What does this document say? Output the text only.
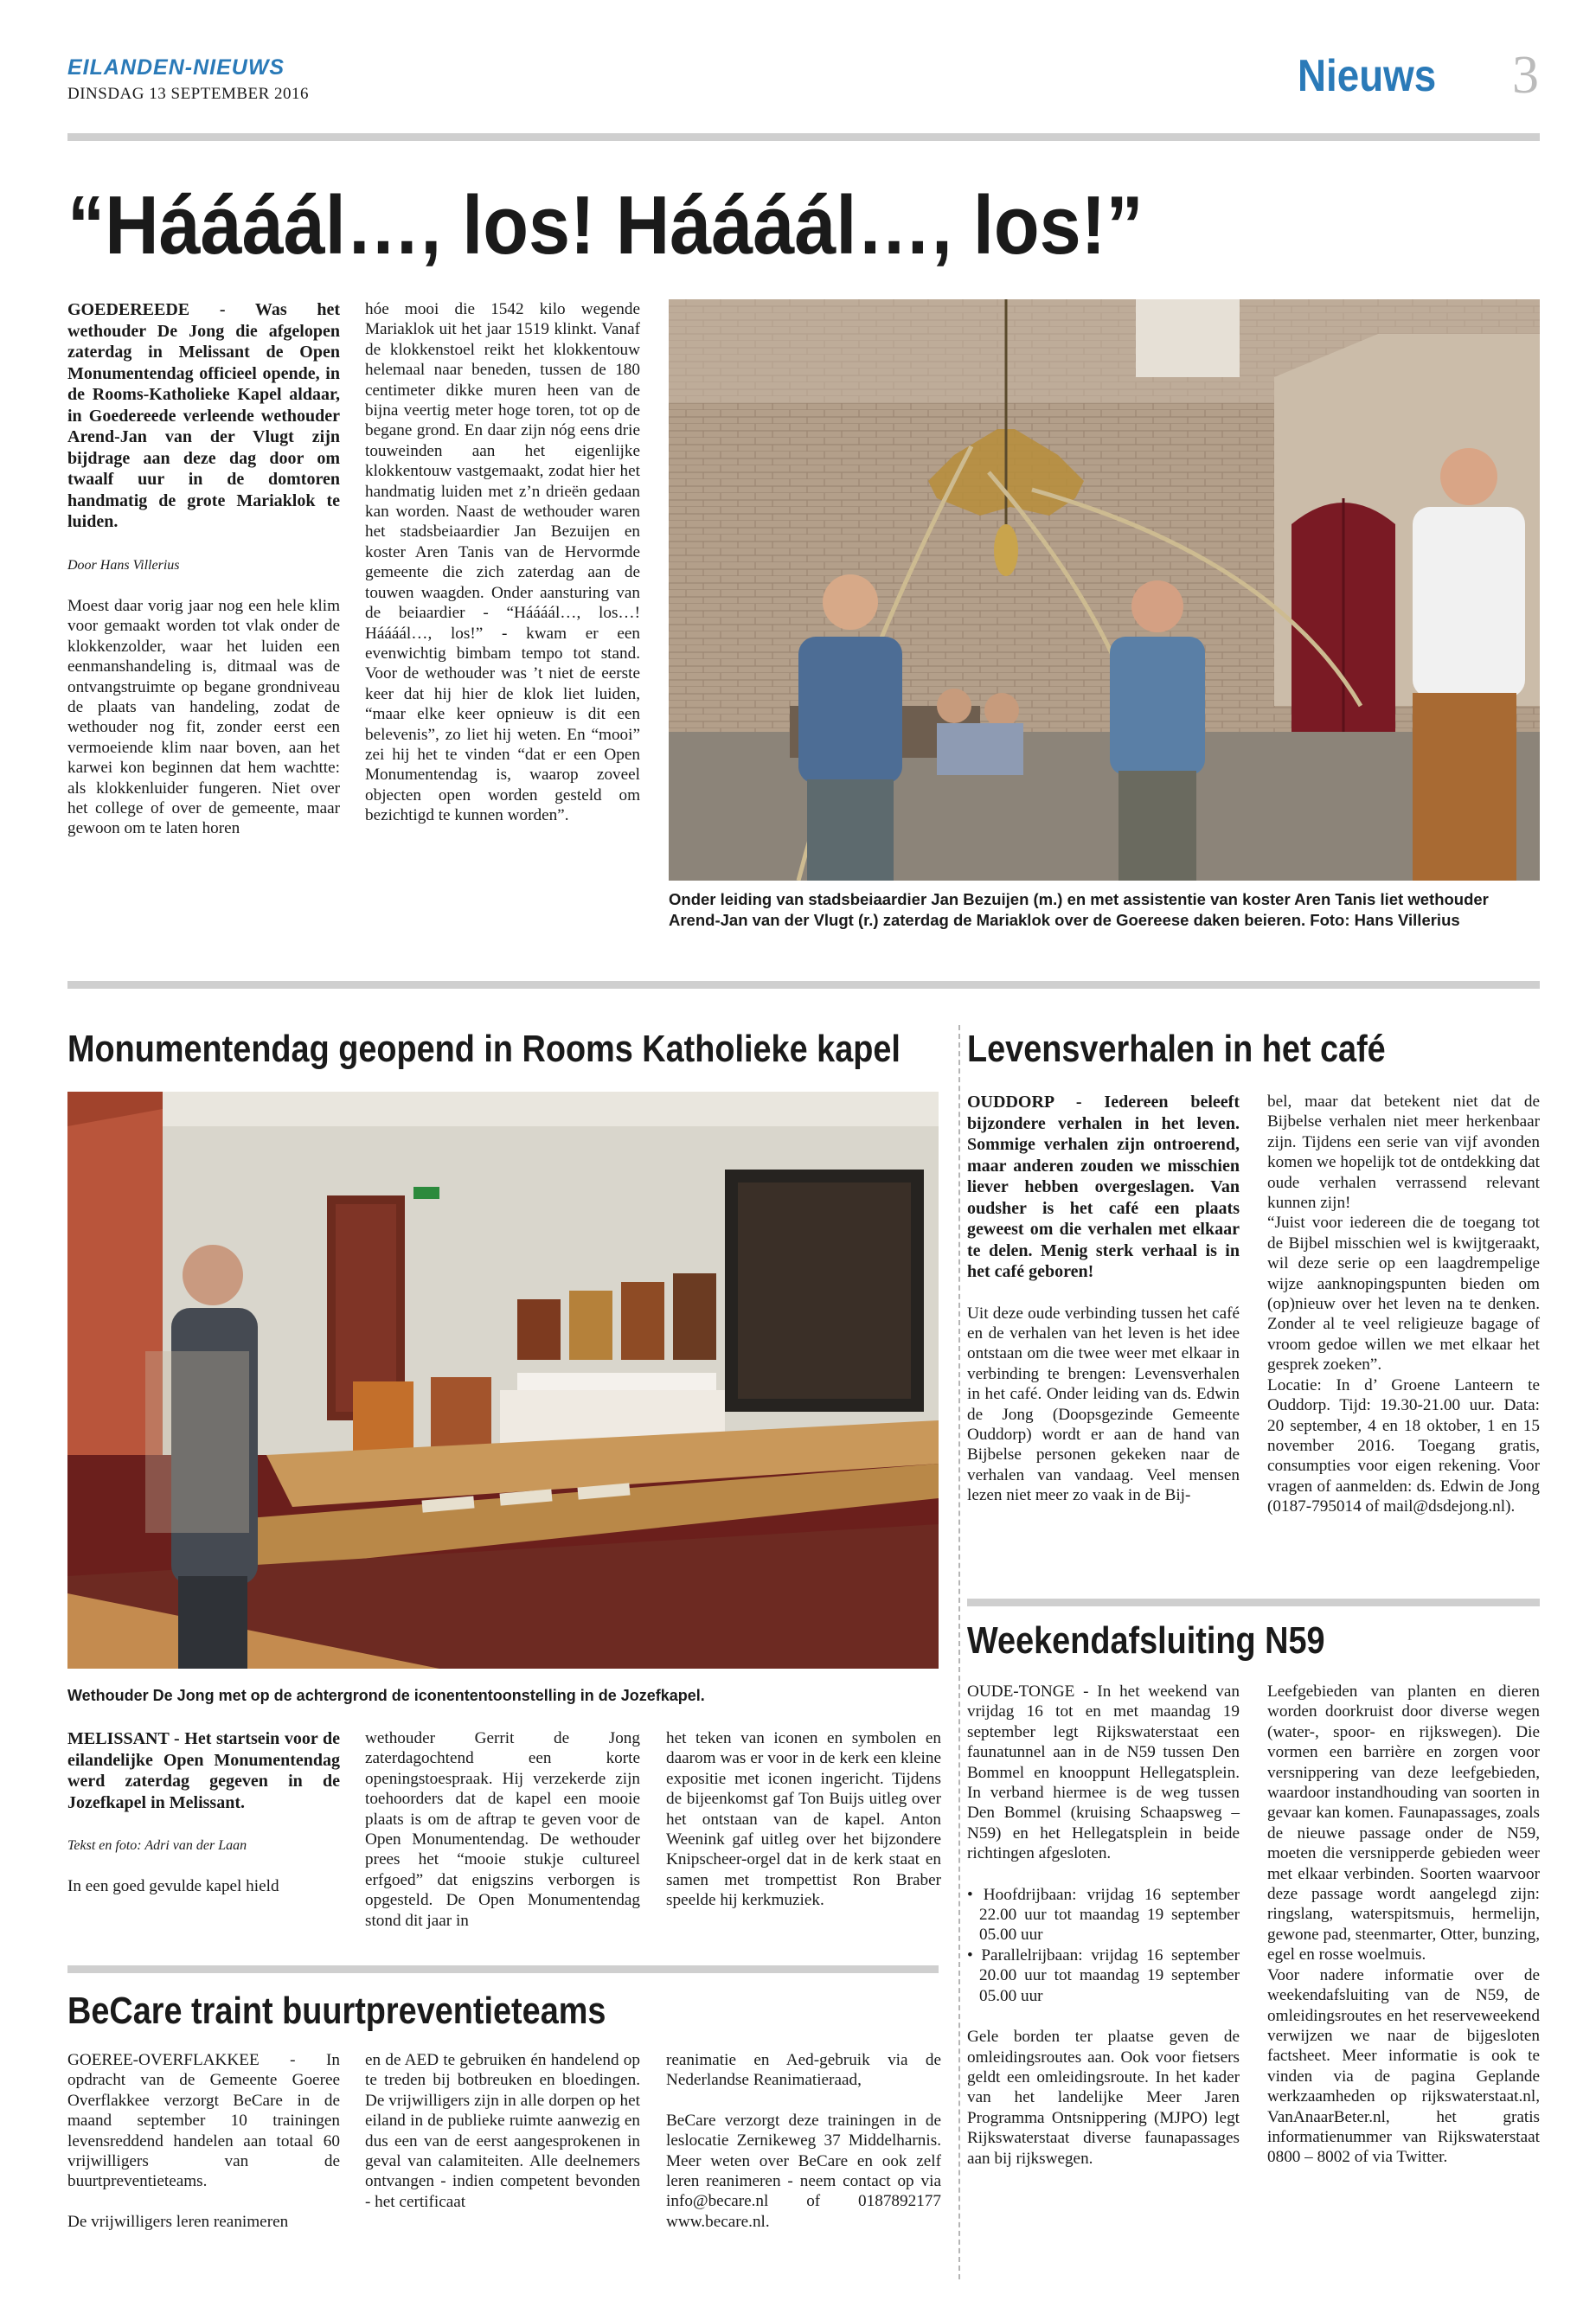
EILANDEN-NIEUWS
DINSDAG 13 SEPTEMBER 2016	Nieuws 3
“Háááál…, los! Háááál…, los!”

GOEDEREEDE - Was het wethouder De Jong die afgelopen zaterdag in Melissant de Open Monumentendag officieel opende, in de Rooms-Katholieke Kapel aldaar, in Goedereede verleende wethouder Arend-Jan van der Vlugt zijn bijdrage aan deze dag door om twaalf uur in de domtoren handmatig de grote Mariaklok te luiden.

Door Hans Villerius

Moest daar vorig jaar nog een hele klim voor gemaakt worden tot vlak onder de klokkenzolder, waar het luiden een eenmanshandeling is, ditmaal was de ontvangstruimte op begane grondniveau de plaats van handeling, zodat de wethouder nog fit, zonder eerst een vermoeiende klim naar boven, aan het karwei kon beginnen dat hem wachtte: als klokkenluider fungeren. Niet over het college of over de gemeente, maar gewoon om te laten horen

hóe mooi die 1542 kilo wegende Mariaklok uit het jaar 1519 klinkt. Vanaf de klokkenstoel reikt het klokkentouw helemaal naar beneden, tussen de 180 centimeter dikke muren heen van de bijna veertig meter hoge toren, tot op de begane grond. En daar zijn nóg eens drie touweinden aan het eigenlijke klokkentouw vastgemaakt, zodat hier het handmatig luiden met z’n drieën gedaan kan worden. Naast de wethouder waren het stadsbeiaardier Jan Bezuijen en koster Aren Tanis van de Hervormde gemeente die zich zaterdag aan de touwen waagden. Onder aansturing van de beiaardier - “Háááál…, los…! Háááál…, los!” - kwam er een evenwichtig bimbam tempo tot stand. Voor de wethouder was ’t niet de eerste keer dat hij hier de klok liet luiden, “maar elke keer opnieuw is dit een belevenis”, zo liet hij weten. En “mooi” zei hij het te vinden “dat er een Open Monumentendag is, waarop zoveel objecten open worden gesteld om bezichtigd te kunnen worden”.

Onder leiding van stadsbeiaardier Jan Bezuijen (m.) en met assistentie van koster Aren Tanis liet wethouder Arend-Jan van der Vlugt (r.) zaterdag de Mariaklok over de Goereese daken beieren. Foto: Hans Villerius
Monumentendag geopend in Rooms Katholieke kapel
Wethouder De Jong met op de achtergrond de iconententoonstelling in de Jozefkapel.

MELISSANT - Het startsein voor de eilandelijke Open Monumentendag werd zaterdag gegeven in de Jozefkapel in Melissant.

Tekst en foto: Adri van der Laan

In een goed gevulde kapel hield

wethouder Gerrit de Jong zaterdagochtend een korte openingstoespraak. Hij verzekerde zijn toehoorders dat de kapel een mooie plaats is om de aftrap te geven voor de Open Monumentendag. De wethouder prees het “mooie stukje cultureel erfgoed” dat enigszins verborgen is opgesteld. De Open Monumentendag stond dit jaar in

het teken van iconen en symbolen en daarom was er voor in de kerk een kleine expositie met iconen ingericht. Tijdens de bijeenkomst gaf Ton Buijs uitleg over het ontstaan van de kapel. Anton Weenink gaf uitleg over het bijzondere Knipscheer-orgel dat in de kerk staat en samen met trompettist Ron Braber speelde hij kerkmuziek.

BeCare traint buurtpreventieteams

GOEREE-OVERFLAKKEE - In opdracht van de Gemeente Goeree Overflakkee verzorgt BeCare in de maand september 10 trainingen levensreddend handelen aan totaal 60 vrijwilligers van de buurtpreventieteams.

De vrijwilligers leren reanimeren

en de AED te gebruiken én handelend op te treden bij botbreuken en bloedingen. De vrijwilligers zijn in alle dorpen op het eiland in de publieke ruimte aanwezig en dus een van de eerst aangesprokenen in geval van calamiteiten. Alle deelnemers ontvangen - indien competent bevonden - het certificaat

reanimatie en Aed-gebruik via de Nederlandse Reanimatieraad,

BeCare verzorgt deze trainingen in de leslocatie Zernikeweg 37 Middelharnis. Meer weten over BeCare en ook zelf leren reanimeren - neem contact op via info@becare.nl of 0187892177 www.becare.nl.

Levensverhalen in het café

OUDDORP - Iedereen beleeft bijzondere verhalen in het leven. Sommige verhalen zijn ontroerend, maar anderen zouden we misschien liever hebben overgeslagen. Van oudsher is het café een plaats geweest om die verhalen met elkaar te delen. Menig sterk verhaal is in het café geboren!

Uit deze oude verbinding tussen het café en de verhalen van het leven is het idee ontstaan om die twee weer met elkaar in verbinding te brengen: Levensverhalen in het café. Onder leiding van ds. Edwin de Jong (Doopsgezinde Gemeente Ouddorp) wordt er aan de hand van Bijbelse personen gekeken naar de verhalen van vandaag. Veel mensen lezen niet meer zo vaak in de Bij-

bel, maar dat betekent niet dat de Bijbelse verhalen niet meer herkenbaar zijn. Tijdens een serie van vijf avonden komen we hopelijk tot de ontdekking dat oude verhalen verrassend relevant kunnen zijn!

“Juist voor iedereen die de toegang tot de Bijbel misschien wel is kwijtgeraakt, wil deze serie op een laagdrempelige wijze aanknopingspunten bieden om (op)nieuw over het leven na te denken. Zonder al te veel religieuze bagage of vroom gedoe willen we met elkaar het gesprek zoeken”.

Locatie: In d’ Groene Lanteern te Ouddorp. Tijd: 19.30-21.00 uur. Data: 20 september, 4 en 18 oktober, 1 en 15 november 2016. Toegang gratis, consumpties voor eigen rekening. Voor vragen of aanmelden: ds. Edwin de Jong (0187-795014 of mail@dsdejong.nl).

Weekendafsluiting N59

OUDE-TONGE - In het weekend van vrijdag 16 tot en met maandag 19 september legt Rijkswaterstaat een faunatunnel aan in de N59 tussen Den Bommel en knooppunt Hellegatsplein. In verband hiermee is de weg tussen Den Bommel (kruising Schaapsweg – N59) en het Hellegatsplein in beide richtingen afgesloten.

• Hoofdrijbaan: vrijdag 16 september 22.00 uur tot maandag 19 september 05.00 uur
• Parallelrijbaan: vrijdag 16 september 20.00 uur tot maandag 19 september 05.00 uur

Gele borden ter plaatse geven de omleidingsroutes aan. Ook voor fietsers geldt een omleidingsroute. In het kader van het landelijke Meer Jaren Programma Ontsnippering (MJPO) legt Rijkswaterstaat diverse faunapassages aan bij rijkswegen.

Leefgebieden van planten en dieren worden doorkruist door diverse wegen (water-, spoor- en rijkswegen). Die vormen een barrière en zorgen voor versnippering van deze leefgebieden, waardoor instandhouding van soorten in gevaar kan komen. Faunapassages, zoals de nieuwe passage onder de N59, moeten die versnipperde gebieden weer met elkaar verbinden. Soorten waarvoor deze passage wordt aangelegd zijn: ringslang, waterspitsmuis, hermelijn, gewone pad, steenmarter, Otter, bunzing, egel en rosse woelmuis.

Voor nadere informatie over de weekendafsluiting van de N59, de omleidingsroutes en het reserveweekend verwijzen we naar de bijgesloten factsheet. Meer informatie is ook te vinden via de pagina Geplande werkzaamheden op rijkswaterstaat.nl, VanAnaarBeter.nl, het gratis informatienummer van Rijkswaterstaat 0800 – 8002 of via Twitter.
